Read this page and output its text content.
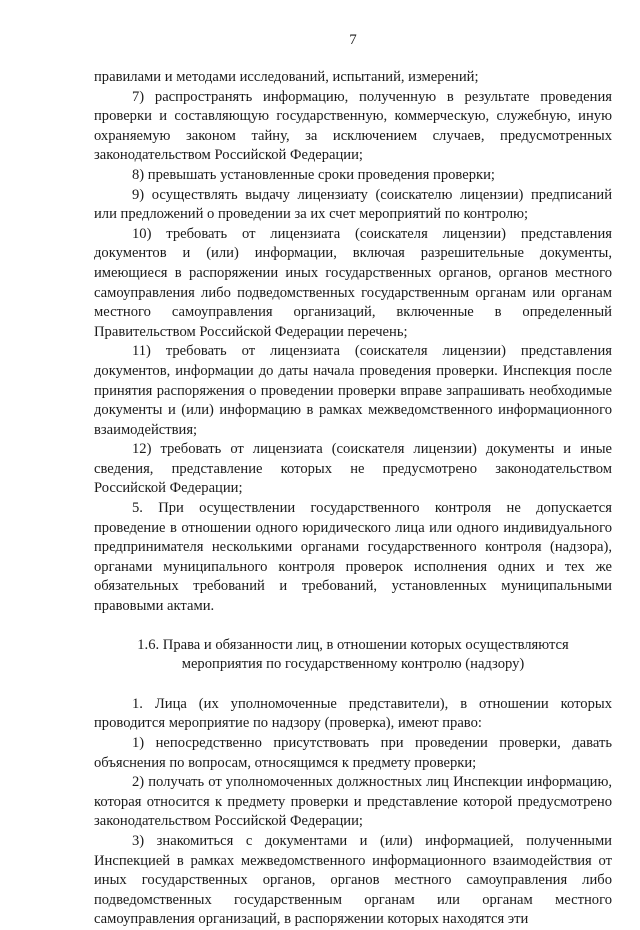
7

правилами и методами исследований, испытаний, измерений;

7) распространять информацию, полученную в результате проведения проверки и составляющую государственную, коммерческую, служебную, иную охраняемую законом тайну, за исключением случаев, предусмотренных законодательством Российской Федерации;

8) превышать установленные сроки проведения проверки;

9) осуществлять выдачу лицензиату (соискателю лицензии) предписаний или предложений о проведении за их счет мероприятий по контролю;

10) требовать от лицензиата (соискателя лицензии) представления документов и (или) информации, включая разрешительные документы, имеющиеся в распоряжении иных государственных органов, органов местного самоуправления либо подведомственных государственным органам или органам местного самоуправления организаций, включенные в определенный Правительством Российской Федерации перечень;

11) требовать от лицензиата (соискателя лицензии) представления документов, информации до даты начала проведения проверки. Инспекция после принятия распоряжения о проведении проверки вправе запрашивать необходимые документы и (или) информацию в рамках межведомственного информационного взаимодействия;

12) требовать от лицензиата (соискателя лицензии) документы и иные сведения, представление которых не предусмотрено законодательством Российской Федерации;

5. При осуществлении государственного контроля не допускается проведение в отношении одного юридического лица или одного индивидуального предпринимателя несколькими органами государственного контроля (надзора), органами муниципального контроля проверок исполнения одних и тех же обязательных требований и требований, установленных муниципальными правовыми актами.

1.6. Права и обязанности лиц, в отношении которых осуществляются
мероприятия по государственному контролю (надзору)

1. Лица (их уполномоченные представители), в отношении которых проводится мероприятие по надзору (проверка), имеют право:

1) непосредственно присутствовать при проведении проверки, давать объяснения по вопросам, относящимся к предмету проверки;

2) получать от уполномоченных должностных лиц Инспекции информацию, которая относится к предмету проверки и представление которой предусмотрено законодательством Российской Федерации;

3) знакомиться с документами и (или) информацией, полученными Инспекцией в рамках межведомственного информационного взаимодействия от иных государственных органов, органов местного самоуправления либо подведомственных государственным органам или органам местного самоуправления организаций, в распоряжении которых находятся эти
